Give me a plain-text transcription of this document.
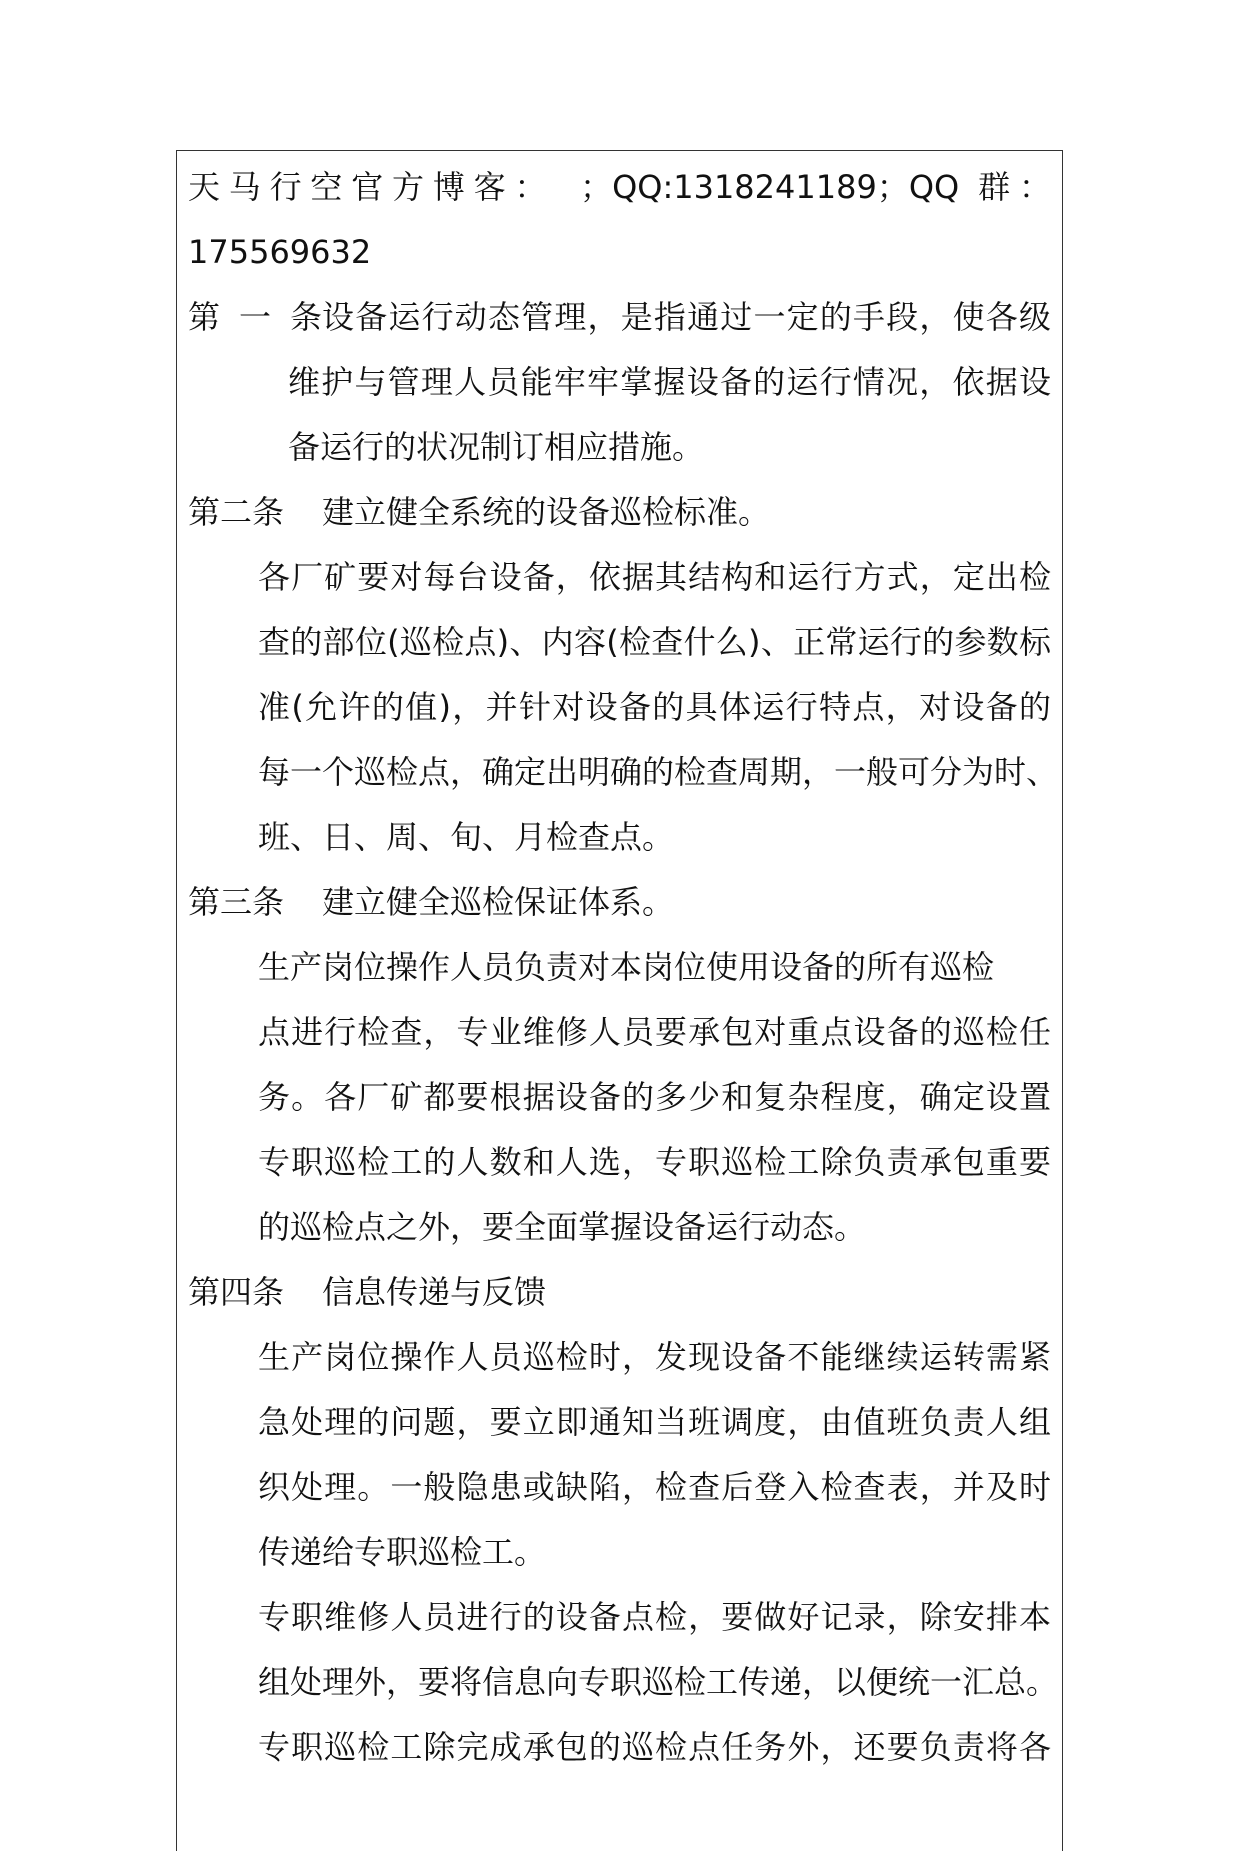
天马行空官方博客：　；QQ:1318241189；QQ 群：
175569632
第一条 设备运行动态管理，是指通过一定的手段，使各级
维护与管理人员能牢牢掌握设备的运行情况，依据设
备运行的状况制订相应措施。
第二条	建立健全系统的设备巡检标准。
各厂矿要对每台设备，依据其结构和运行方式，定出检
查的部位(巡检点)、内容(检查什么)、正常运行的参数标
准(允许的值)，并针对设备的具体运行特点，对设备的
每一个巡检点，确定出明确的检查周期，一般可分为时、
班、日、周、旬、月检查点。
第三条	建立健全巡检保证体系。
生产岗位操作人员负责对本岗位使用设备的所有巡检
点进行检查，专业维修人员要承包对重点设备的巡检任
务。各厂矿都要根据设备的多少和复杂程度，确定设置
专职巡检工的人数和人选，专职巡检工除负责承包重要
的巡检点之外，要全面掌握设备运行动态。
第四条	信息传递与反馈
生产岗位操作人员巡检时，发现设备不能继续运转需紧
急处理的问题，要立即通知当班调度，由值班负责人组
织处理。一般隐患或缺陷，检查后登入检查表，并及时
传递给专职巡检工。
专职维修人员进行的设备点检，要做好记录，除安排本
组处理外，要将信息向专职巡检工传递，以便统一汇总。
专职巡检工除完成承包的巡检点任务外，还要负责将各
